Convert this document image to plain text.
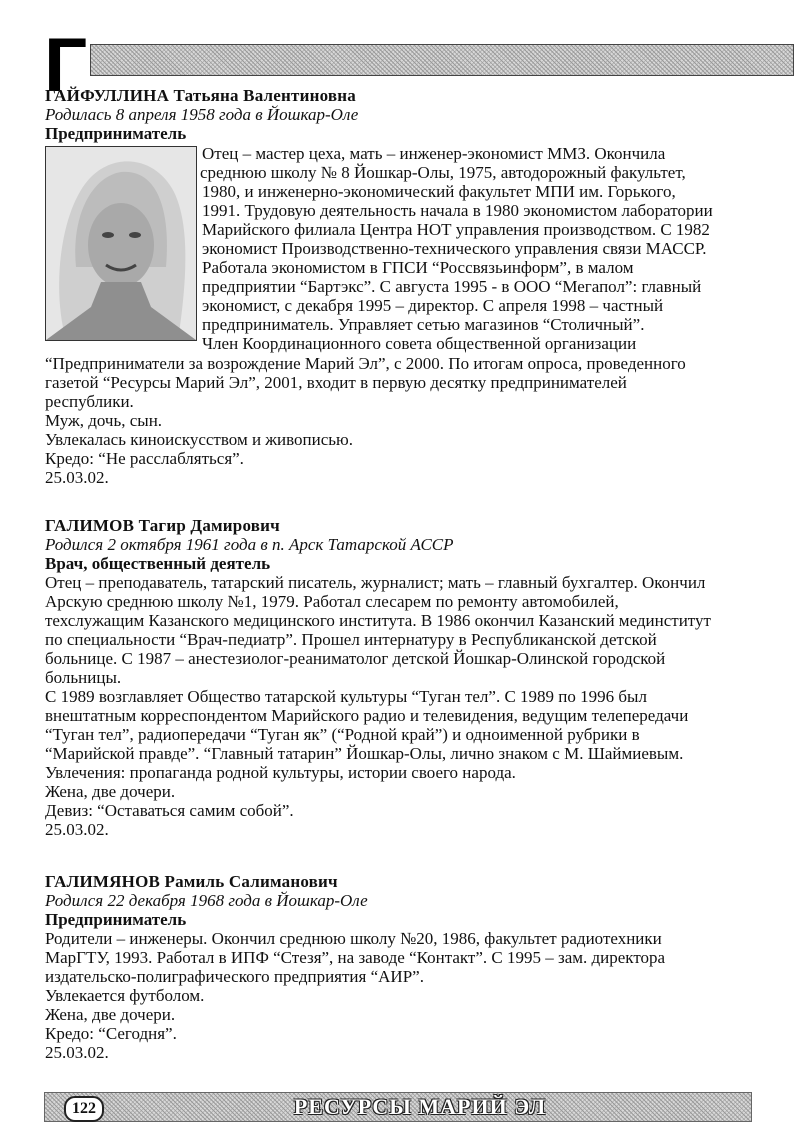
Г
ГАЙФУЛЛИНА Татьяна Валентиновна
Родилась 8 апреля 1958 года в Йошкар-Оле
Предприниматель
Отец – мастер цеха, мать – инженер-экономист ММЗ. Окончила
среднюю школу № 8 Йошкар-Олы, 1975, автодорожный факультет,
1980, и инженерно-экономический факультет МПИ им. Горького,
1991. Трудовую деятельность начала в 1980 экономистом лаборатории
Марийского филиала Центра НОТ управления производством. С 1982
экономист Производственно-технического управления связи МАССР.
Работала экономистом в ГПСИ “Россвязьинформ”, в малом
предприятии “Бартэкс”. С августа 1995 - в ООО “Мегапол”: главный
экономист, с декабря 1995 – директор. С апреля 1998 – частный
предприниматель. Управляет сетью магазинов “Столичный”.
Член Координационного совета общественной организации
“Предприниматели за возрождение Марий Эл”, с 2000. По итогам опроса, проведенного
газетой “Ресурсы Марий Эл”, 2001, входит в первую десятку предпринимателей
республики.
Муж, дочь, сын.
Увлекалась киноискусством и живописью.
Кредо: “Не расслабляться”.
25.03.02.
ГАЛИМОВ Тагир Дамирович
Родился 2 октября 1961 года в п. Арск Татарской АССР
Врач, общественный деятель
Отец – преподаватель, татарский писатель, журналист; мать – главный бухгалтер. Окончил
Арскую среднюю школу №1, 1979. Работал слесарем по ремонту автомобилей,
техслужащим Казанского медицинского института. В 1986 окончил Казанский мединститут
по специальности “Врач-педиатр”. Прошел интернатуру в Республиканской детской
больнице. С 1987 – анестезиолог-реаниматолог детской Йошкар-Олинской городской
больницы.
С 1989 возглавляет Общество татарской культуры “Туган тел”. С 1989 по 1996 был
внештатным корреспондентом Марийского радио и телевидения, ведущим телепередачи
“Туган тел”, радиопередачи “Туган як” (“Родной край”) и одноименной рубрики в
“Марийской правде”. “Главный татарин” Йошкар-Олы, лично знаком с М. Шаймиевым.
Увлечения: пропаганда родной культуры, истории своего народа.
Жена, две дочери.
Девиз: “Оставаться самим собой”.
25.03.02.
ГАЛИМЯНОВ Рамиль Салиманович
Родился 22 декабря 1968 года в Йошкар-Оле
Предприниматель
Родители – инженеры. Окончил среднюю школу №20, 1986, факультет радиотехники
МарГТУ, 1993. Работал в ИПФ “Стезя”, на заводе “Контакт”. С 1995 – зам. директора
издательско-полиграфического предприятия “АИР”.
Увлекается футболом.
Жена, две дочери.
Кредо: “Сегодня”.
25.03.02.
122	РЕСУРСЫ МАРИЙ ЭЛ
